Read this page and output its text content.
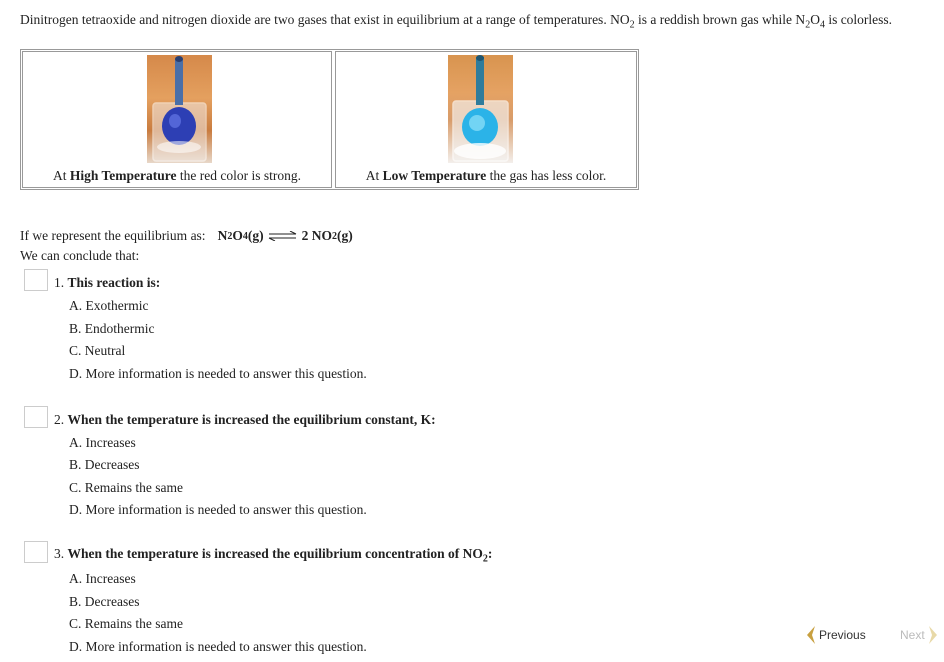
Dinitrogen tetraoxide and nitrogen dioxide are two gases that exist in equilibrium at a range of temperatures. $NO_2$ is a reddish brown gas while $N_2O_4$ is colorless.
At High Temperature the red color is strong.	At Low Temperature the gas has less color.
If we represent the equilibrium as: N 2 O 4 (g) ⇌ 2 NO 2 (g)
We can conclude that:
1. This reaction is:
A. Exothermic
B. Endothermic
C. Neutral
D. More information is needed to answer this question.
2. When the temperature is increased the equilibrium constant, K:
A. Increases
B. Decreases
C. Remains the same
D. More information is needed to answer this question.
3. When the temperature is increased the equilibrium concentration of $NO_2$:
A. Increases
B. Decreases
C. Remains the same
D. More information is needed to answer this question.
Previous	Next
